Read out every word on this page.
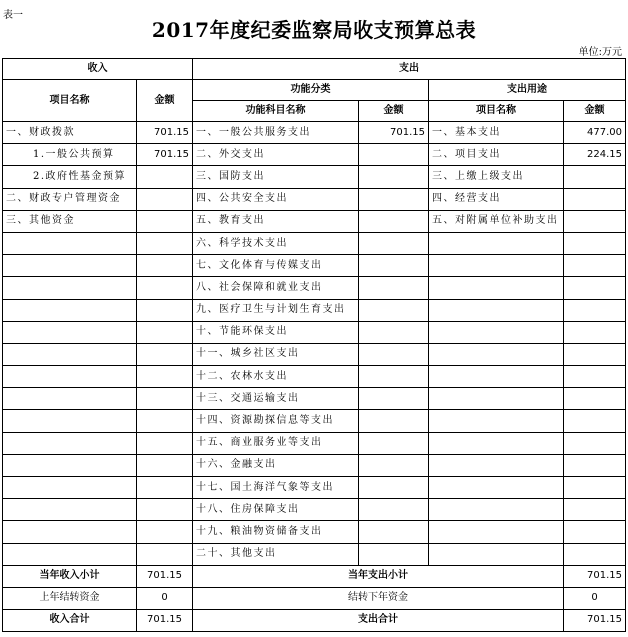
表一
2017年度纪委监察局收支预算总表
单位:万元
收入		支出			
项目名称	金额	功能分类		支出用途	
		功能科目名称	金额	项目名称	金额
一、财政拨款	701.15	一、一般公共服务支出	701.15	一、基本支出	477.00
1.一般公共预算	701.15	二、外交支出		二、项目支出	224.15
2.政府性基金预算		三、国防支出		三、上缴上级支出	
二、财政专户管理资金		四、公共安全支出		四、经营支出	
三、其他资金		五、教育支出		五、对附属单位补助支出	
		六、科学技术支出			
		七、文化体育与传媒支出			
		八、社会保障和就业支出			
		九、医疗卫生与计划生育支出			
		十、节能环保支出			
		十一、城乡社区支出			
		十二、农林水支出			
		十三、交通运输支出			
		十四、资源勘探信息等支出			
		十五、商业服务业等支出			
		十六、金融支出			
		十七、国土海洋气象等支出			
		十八、住房保障支出			
		十九、粮油物资储备支出			
		二十、其他支出			
当年收入小计	701.15	当年支出小计			701.15
上年结转资金	0	结转下年资金			0
收入合计	701.15	支出合计			701.15
